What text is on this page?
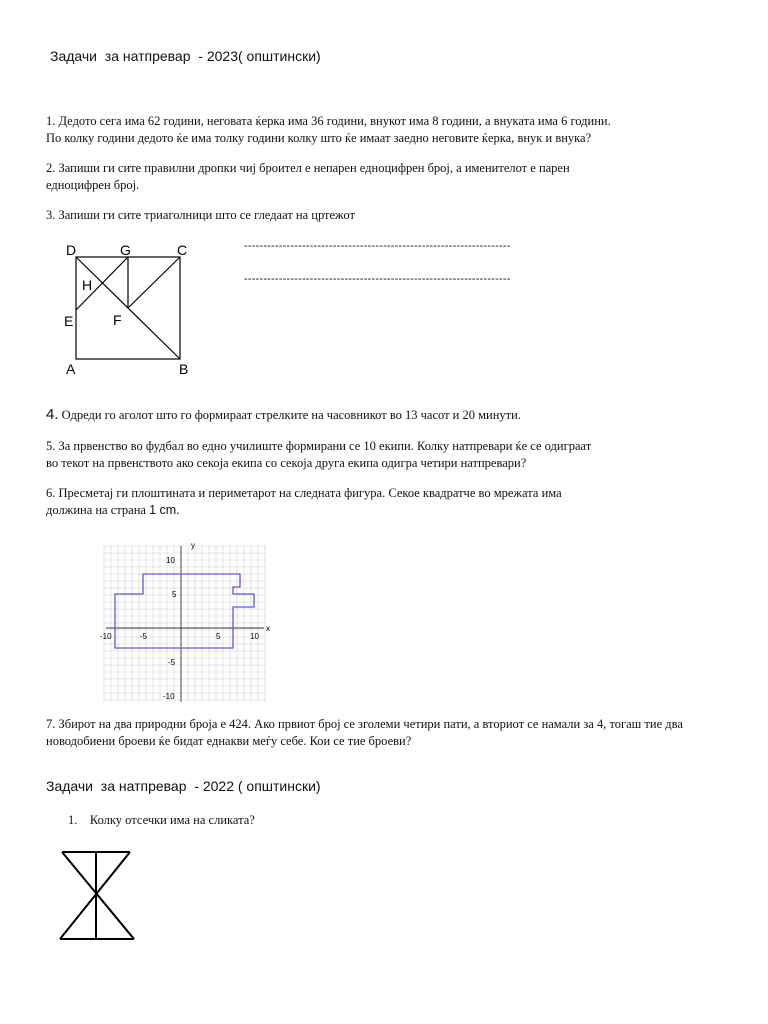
Задачи  за натпревар  - 2023( општински)

1. Дедото сега има 62 години, неговата ќерка има 36 години, внукот има 8 години, а внуката има 6 години.

По колку години дедото ќе има толку години колку што ќе имаат заедно неговите ќерка, внук и внука?

2. Запиши ги сите правилни дропки чиј броител е непарен едноцифрен број, а именителот е парен

едноцифрен број.

3. Запиши ги сите триаголници што се гледаат на цртежот

D	G	C
H
E	F
A	B
---------------------------------------------------------------------
---------------------------------------------------------------------

4. Одреди го аголот што го формираат стрелките на часовникот во 13 часот и 20 минути.

5. За првенство во фудбал во едно училиште формирани се 10 екипи. Колку натпревари ќе се одиграат

во текот на првенството ако секоја екипа со секоја друга екипа одигра четири натпревари?

6. Пресметај ги плоштината и периметарот на следната фигура. Секое квадратче во мрежата има

должина на страна 1 cm.

x
y
-10	-5	5	10
10
5
-5
-10

7. Збирот на два природни броја е 424. Ако првиот број се зголеми четири пати, а вториот се намали за 4, тогаш тие два

новодобиени броеви ќе бидат еднакви меѓу себе. Кои се тие броеви?

Задачи  за натпревар  - 2022 ( општински)

1. Колку отсечки има на сликата?
